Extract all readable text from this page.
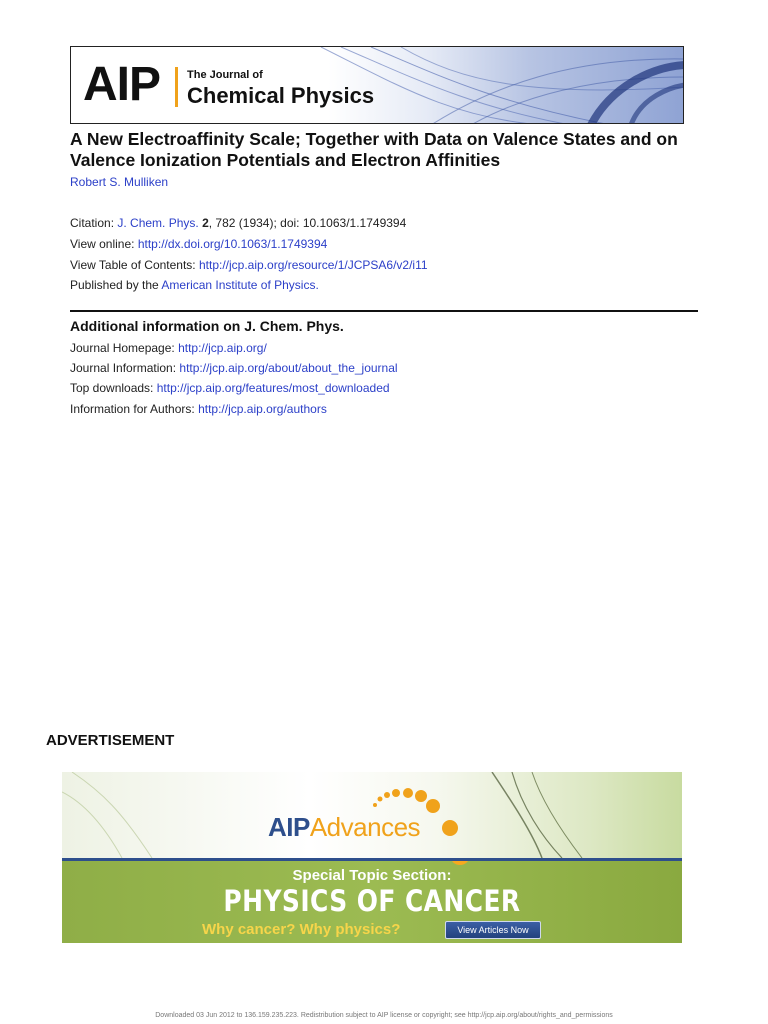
AIP The Journal of
Chemical Physics
A New Electroaffinity Scale; Together with Data on Valence States and on Valence Ionization Potentials and Electron Affinities
Robert S. Mulliken
Citation: J. Chem. Phys. 2, 782 (1934); doi: 10.1063/1.1749394
View online: http://dx.doi.org/10.1063/1.1749394
View Table of Contents: http://jcp.aip.org/resource/1/JCPSA6/v2/i11
Published by the American Institute of Physics.
Additional information on J. Chem. Phys.
Journal Homepage: http://jcp.aip.org/
Journal Information: http://jcp.aip.org/about/about_the_journal
Top downloads: http://jcp.aip.org/features/most_downloaded
Information for Authors: http://jcp.aip.org/authors
ADVERTISEMENT
AIPAdvances
Special Topic Section:
PHYSICS OF CANCER
Why cancer? Why physics?	View Articles Now
Downloaded 03 Jun 2012 to 136.159.235.223. Redistribution subject to AIP license or copyright; see http://jcp.aip.org/about/rights_and_permissions
